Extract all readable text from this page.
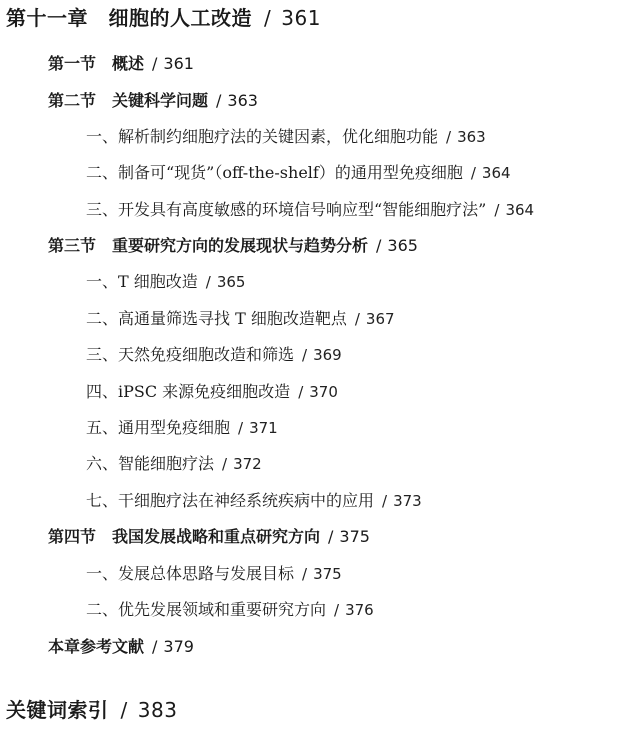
第十一章　细胞的人工改造 / 361
第一节　概述 / 361
第二节　关键科学问题 / 363
一、解析制约细胞疗法的关键因素，优化细胞功能 / 363
二、制备可“现货”（off-the-shelf）的通用型免疫细胞 / 364
三、开发具有高度敏感的环境信号响应型“智能细胞疗法” / 364
第三节　重要研究方向的发展现状与趋势分析 / 365
一、T 细胞改造 / 365
二、高通量筛选寻找 T 细胞改造靶点 / 367
三、天然免疫细胞改造和筛选 / 369
四、iPSC 来源免疫细胞改造 / 370
五、通用型免疫细胞 / 371
六、智能细胞疗法 / 372
七、干细胞疗法在神经系统疾病中的应用 / 373
第四节　我国发展战略和重点研究方向 / 375
一、发展总体思路与发展目标 / 375
二、优先发展领域和重要研究方向 / 376
本章参考文献 / 379
关键词索引 / 383
